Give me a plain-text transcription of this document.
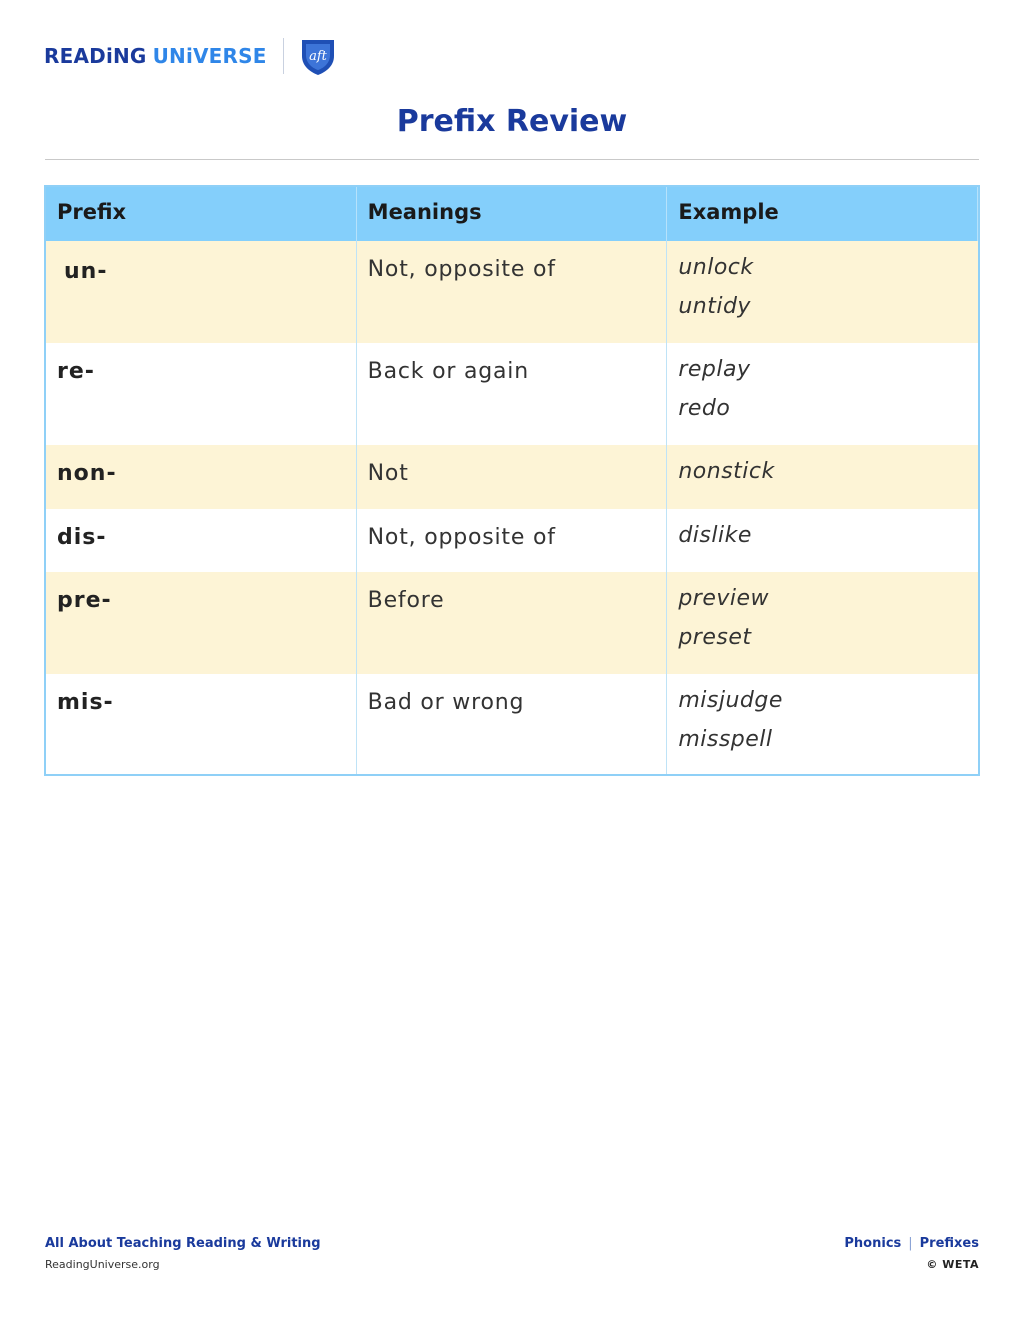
READiNG UNiVERSE	aft
Prefix Review
Prefix	Meanings	Example
un-	Not, opposite of	unlock
untidy
re-	Back or again	replay
redo
non-	Not	nonstick
dis-	Not, opposite of	dislike
pre-	Before	preview
preset
mis-	Bad or wrong	misjudge
misspell
All About Teaching Reading & Writing
ReadingUniverse.org
Phonics | Prefixes
© WETA
